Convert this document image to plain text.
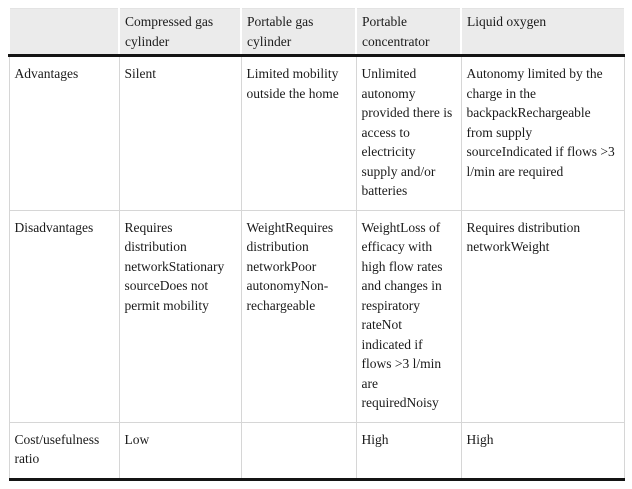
	Compressed gas cylinder	Portable gas cylinder	Portable concentrator	Liquid oxygen
Advantages	Silent	Limited mobility outside the home	Unlimited autonomy provided there is access to electricity supply and/or batteries	Autonomy limited by the charge in the backpackRechargeable from supply sourceIndicated if flows >3 l/min are required
Disadvantages	Requires distribution networkStationary sourceDoes not permit mobility	WeightRequires distribution networkPoor autonomyNon-rechargeable	WeightLoss of efficacy with high flow rates and changes in respiratory rateNot indicated if flows >3 l/min are requiredNoisy	Requires distribution networkWeight
Cost/usefulness ratio	Low		High	High
